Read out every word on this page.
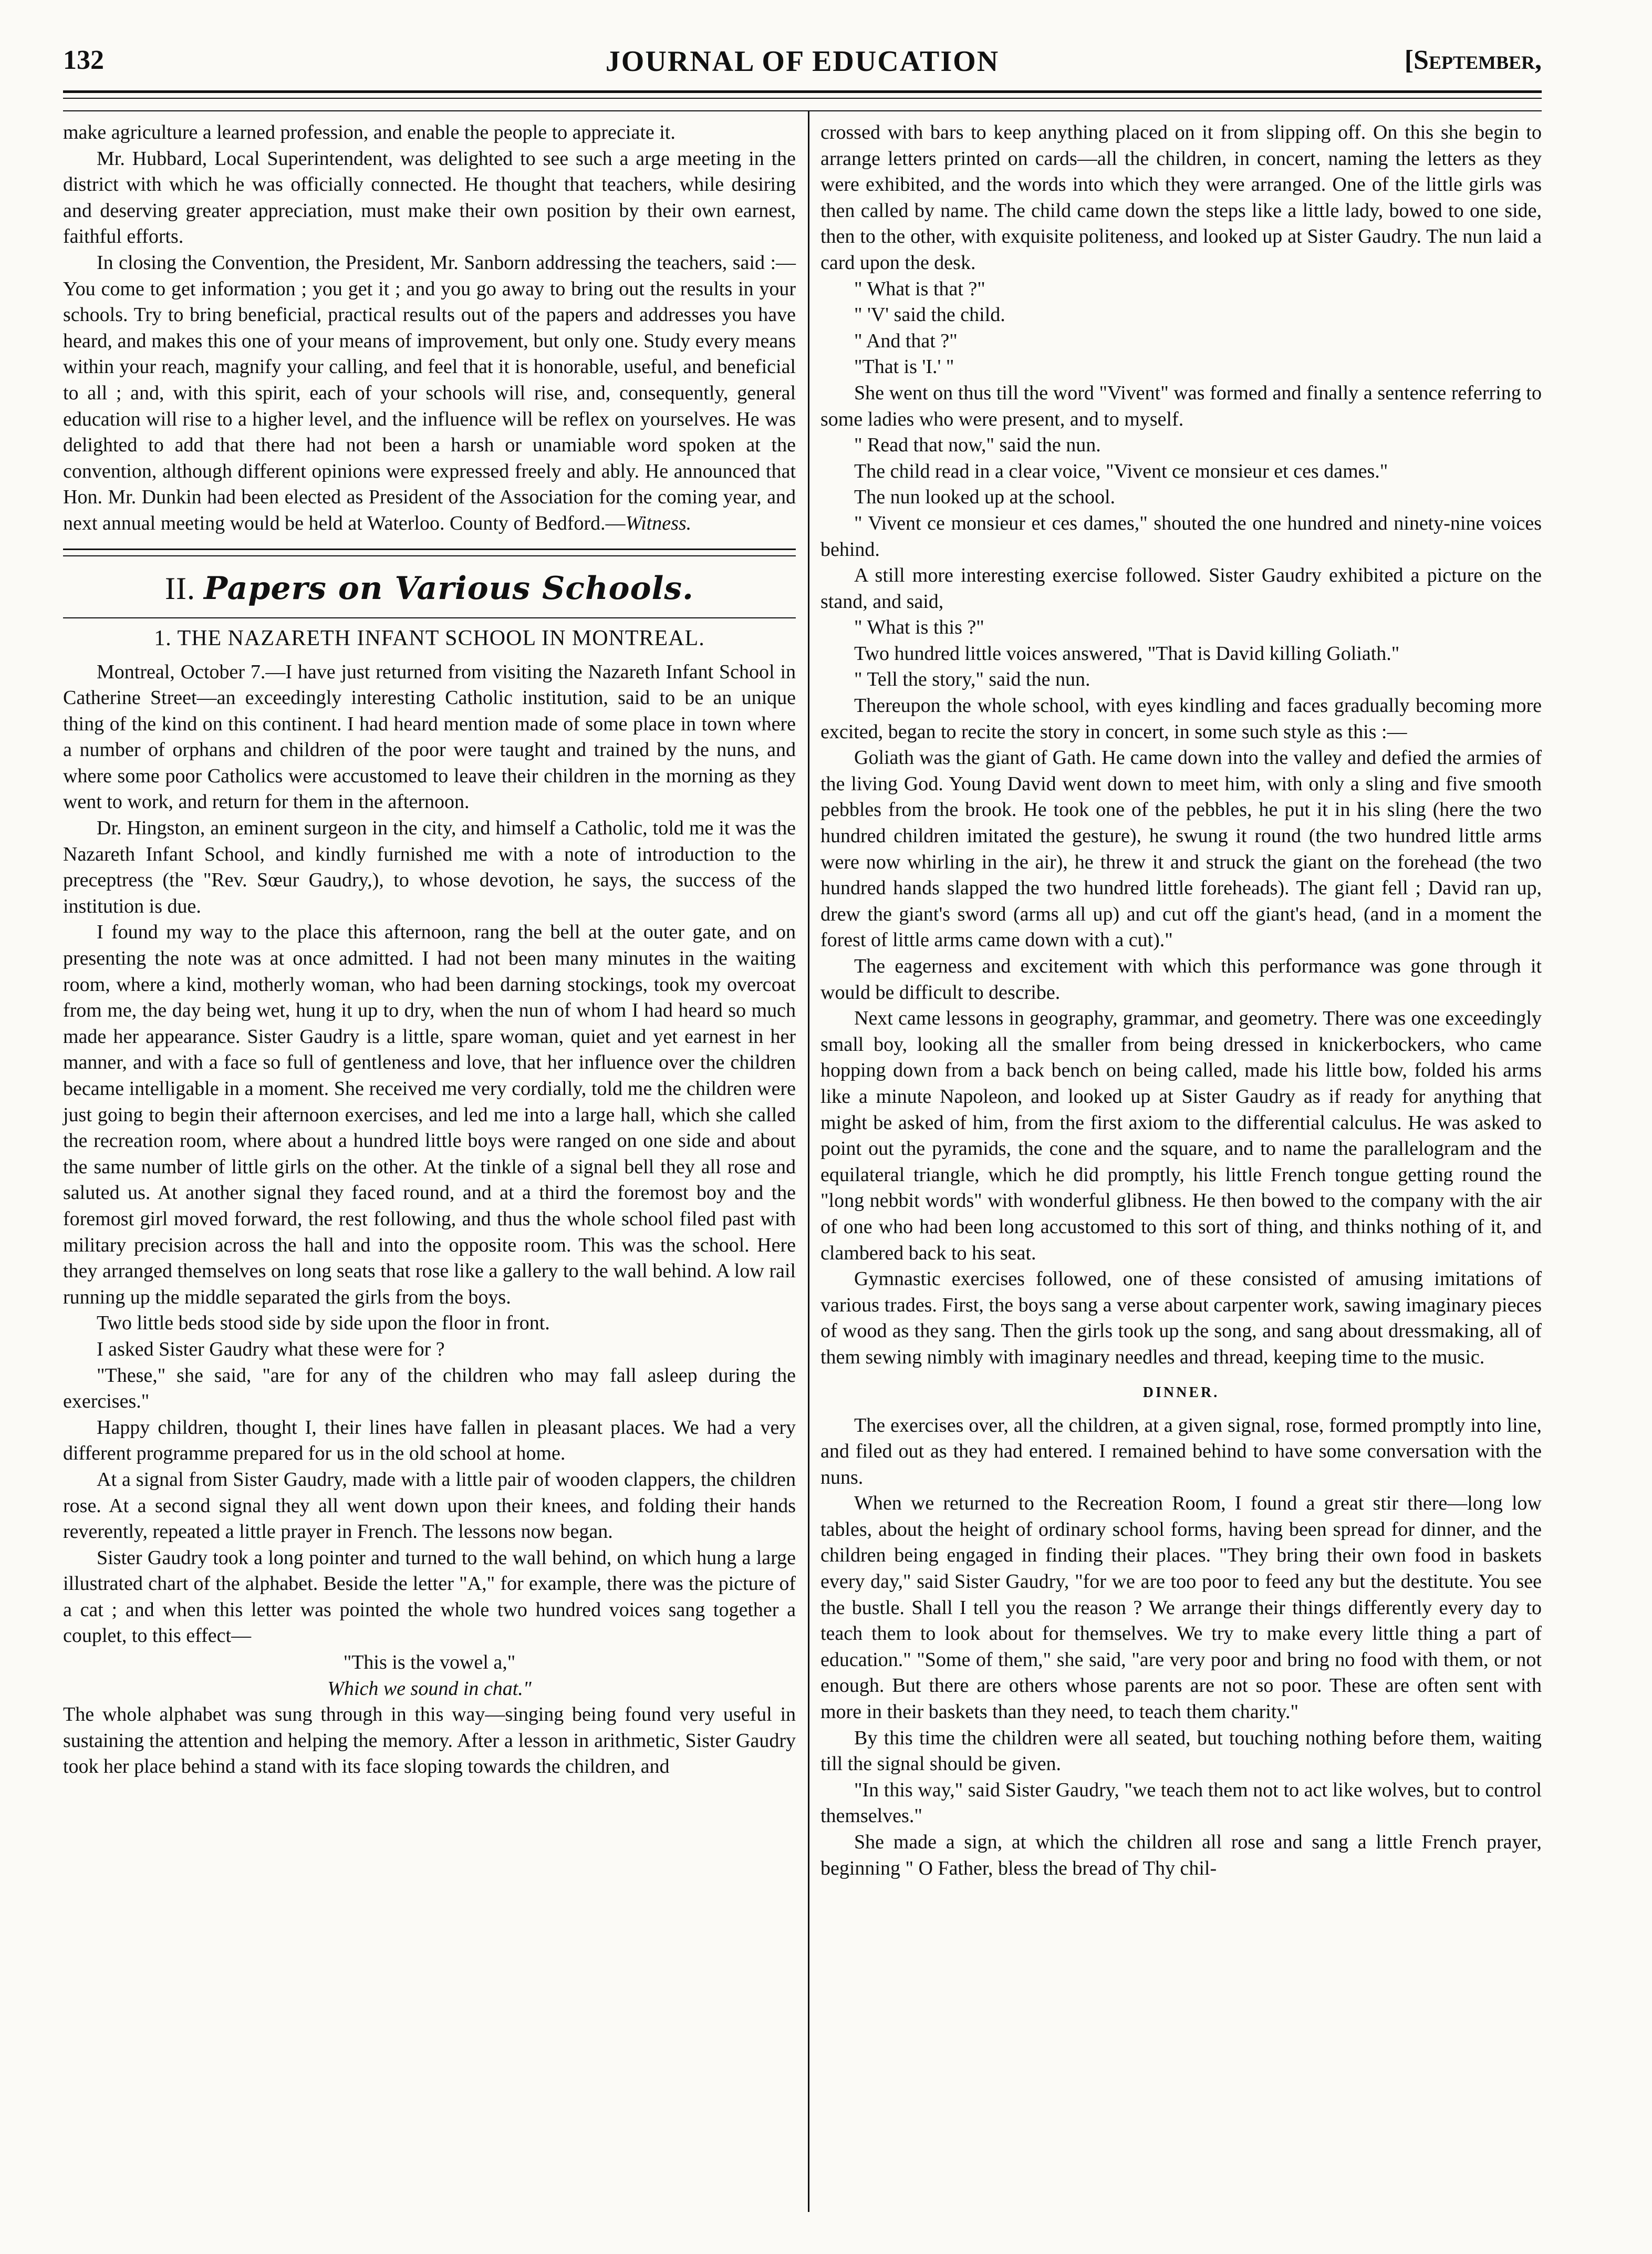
JOURNAL OF EDUCATION
132	[September,

make agriculture a learned profession, and enable the people to appreciate it.

Mr. Hubbard, Local Superintendent, was delighted to see such a arge meeting in the district with which he was officially connected. He thought that teachers, while desiring and deserving greater appreciation, must make their own position by their own earnest, faithful efforts.

In closing the Convention, the President, Mr. Sanborn addressing the teachers, said :—You come to get information ; you get it ; and you go away to bring out the results in your schools. Try to bring beneficial, practical results out of the papers and addresses you have heard, and makes this one of your means of improvement, but only one. Study every means within your reach, magnify your calling, and feel that it is honorable, useful, and beneficial to all ; and, with this spirit, each of your schools will rise, and, consequently, general education will rise to a higher level, and the influence will be reflex on yourselves. He was delighted to add that there had not been a harsh or unamiable word spoken at the convention, although different opinions were expressed freely and ably. He announced that Hon. Mr. Dunkin had been elected as President of the Association for the coming year, and next annual meeting would be held at Waterloo. County of Bedford.—Witness.

II. Papers on Various Schools.
1. THE NAZARETH INFANT SCHOOL IN MONTREAL.

Montreal, October 7.—I have just returned from visiting the Nazareth Infant School in Catherine Street—an exceedingly interesting Catholic institution, said to be an unique thing of the kind on this continent. I had heard mention made of some place in town where a number of orphans and children of the poor were taught and trained by the nuns, and where some poor Catholics were accustomed to leave their children in the morning as they went to work, and return for them in the afternoon.

Dr. Hingston, an eminent surgeon in the city, and himself a Catholic, told me it was the Nazareth Infant School, and kindly furnished me with a note of introduction to the preceptress (the "Rev. Sœur Gaudry,), to whose devotion, he says, the success of the institution is due.

I found my way to the place this afternoon, rang the bell at the outer gate, and on presenting the note was at once admitted. I had not been many minutes in the waiting room, where a kind, motherly woman, who had been darning stockings, took my overcoat from me, the day being wet, hung it up to dry, when the nun of whom I had heard so much made her appearance. Sister Gaudry is a little, spare woman, quiet and yet earnest in her manner, and with a face so full of gentleness and love, that her influence over the children became intelligable in a moment. She received me very cordially, told me the children were just going to begin their afternoon exercises, and led me into a large hall, which she called the recreation room, where about a hundred little boys were ranged on one side and about the same number of little girls on the other. At the tinkle of a signal bell they all rose and saluted us. At another signal they faced round, and at a third the foremost boy and the foremost girl moved forward, the rest following, and thus the whole school filed past with military precision across the hall and into the opposite room. This was the school. Here they arranged themselves on long seats that rose like a gallery to the wall behind. A low rail running up the middle separated the girls from the boys.

Two little beds stood side by side upon the floor in front.

I asked Sister Gaudry what these were for ?

"These," she said, "are for any of the children who may fall asleep during the exercises."

Happy children, thought I, their lines have fallen in pleasant places. We had a very different programme prepared for us in the old school at home.

At a signal from Sister Gaudry, made with a little pair of wooden clappers, the children rose. At a second signal they all went down upon their knees, and folding their hands reverently, repeated a little prayer in French. The lessons now began.

Sister Gaudry took a long pointer and turned to the wall behind, on which hung a large illustrated chart of the alphabet. Beside the letter "A," for example, there was the picture of a cat ; and when this letter was pointed the whole two hundred voices sang together a couplet, to this effect—

"This is the vowel a,"
Which we sound in chat."

The whole alphabet was sung through in this way—singing being found very useful in sustaining the attention and helping the memory. After a lesson in arithmetic, Sister Gaudry took her place behind a stand with its face sloping towards the children, and

crossed with bars to keep anything placed on it from slipping off. On this she begin to arrange letters printed on cards—all the children, in concert, naming the letters as they were exhibited, and the words into which they were arranged. One of the little girls was then called by name. The child came down the steps like a little lady, bowed to one side, then to the other, with exquisite politeness, and looked up at Sister Gaudry. The nun laid a card upon the desk.

" What is that ?"

" 'V' said the child.

" And that ?"

"That is 'I.' "

She went on thus till the word "Vivent" was formed and finally a sentence referring to some ladies who were present, and to myself.

" Read that now," said the nun.

The child read in a clear voice, "Vivent ce monsieur et ces dames."

The nun looked up at the school.

" Vivent ce monsieur et ces dames," shouted the one hundred and ninety-nine voices behind.

A still more interesting exercise followed. Sister Gaudry exhibited a picture on the stand, and said,

" What is this ?"

Two hundred little voices answered, "That is David killing Goliath."

" Tell the story," said the nun.

Thereupon the whole school, with eyes kindling and faces gradually becoming more excited, began to recite the story in concert, in some such style as this :—

Goliath was the giant of Gath. He came down into the valley and defied the armies of the living God. Young David went down to meet him, with only a sling and five smooth pebbles from the brook. He took one of the pebbles, he put it in his sling (here the two hundred children imitated the gesture), he swung it round (the two hundred little arms were now whirling in the air), he threw it and struck the giant on the forehead (the two hundred hands slapped the two hundred little foreheads). The giant fell ; David ran up, drew the giant's sword (arms all up) and cut off the giant's head, (and in a moment the forest of little arms came down with a cut)."

The eagerness and excitement with which this performance was gone through it would be difficult to describe.

Next came lessons in geography, grammar, and geometry. There was one exceedingly small boy, looking all the smaller from being dressed in knickerbockers, who came hopping down from a back bench on being called, made his little bow, folded his arms like a minute Napoleon, and looked up at Sister Gaudry as if ready for anything that might be asked of him, from the first axiom to the differential calculus. He was asked to point out the pyramids, the cone and the square, and to name the parallelogram and the equilateral triangle, which he did promptly, his little French tongue getting round the "long nebbit words" with wonderful glibness. He then bowed to the company with the air of one who had been long accustomed to this sort of thing, and thinks nothing of it, and clambered back to his seat.

Gymnastic exercises followed, one of these consisted of amusing imitations of various trades. First, the boys sang a verse about carpenter work, sawing imaginary pieces of wood as they sang. Then the girls took up the song, and sang about dressmaking, all of them sewing nimbly with imaginary needles and thread, keeping time to the music.

DINNER.

The exercises over, all the children, at a given signal, rose, formed promptly into line, and filed out as they had entered. I remained behind to have some conversation with the nuns.

When we returned to the Recreation Room, I found a great stir there—long low tables, about the height of ordinary school forms, having been spread for dinner, and the children being engaged in finding their places. "They bring their own food in baskets every day," said Sister Gaudry, "for we are too poor to feed any but the destitute. You see the bustle. Shall I tell you the reason ? We arrange their things differently every day to teach them to look about for themselves. We try to make every little thing a part of education." "Some of them," she said, "are very poor and bring no food with them, or not enough. But there are others whose parents are not so poor. These are often sent with more in their baskets than they need, to teach them charity."

By this time the children were all seated, but touching nothing before them, waiting till the signal should be given.

"In this way," said Sister Gaudry, "we teach them not to act like wolves, but to control themselves."

She made a sign, at which the children all rose and sang a little French prayer, beginning " O Father, bless the bread of Thy chil-
